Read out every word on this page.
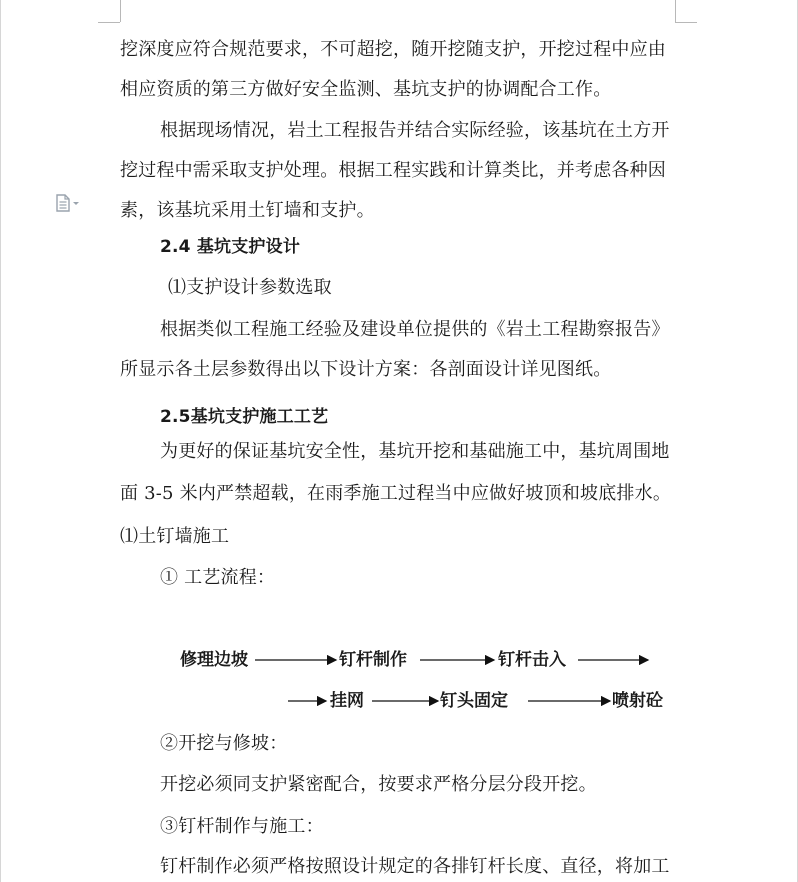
挖深度应符合规范要求，不可超挖，随开挖随支护，开挖过程中应由
相应资质的第三方做好安全监测、基坑支护的协调配合工作。
根据现场情况，岩土工程报告并结合实际经验，该基坑在土方开
挖过程中需采取支护处理。根据工程实践和计算类比，并考虑各种因
素，该基坑采用土钉墙和支护。
2.4 基坑支护设计
⑴支护设计参数选取
根据类似工程施工经验及建设单位提供的《岩土工程勘察报告》
所显示各土层参数得出以下设计方案：各剖面设计详见图纸。
2.5基坑支护施工工艺
为更好的保证基坑安全性，基坑开挖和基础施工中，基坑周围地
面 3-5 米内严禁超载，在雨季施工过程当中应做好坡顶和坡底排水。
⑴土钉墙施工
① 工艺流程：
修理边坡	钉杆制作	钉杆击入
挂网	钉头固定	喷射砼
②开挖与修坡：
开挖必须同支护紧密配合，按要求严格分层分段开挖。
③钉杆制作与施工：
钉杆制作必须严格按照设计规定的各排钉杆长度、直径，将加工
